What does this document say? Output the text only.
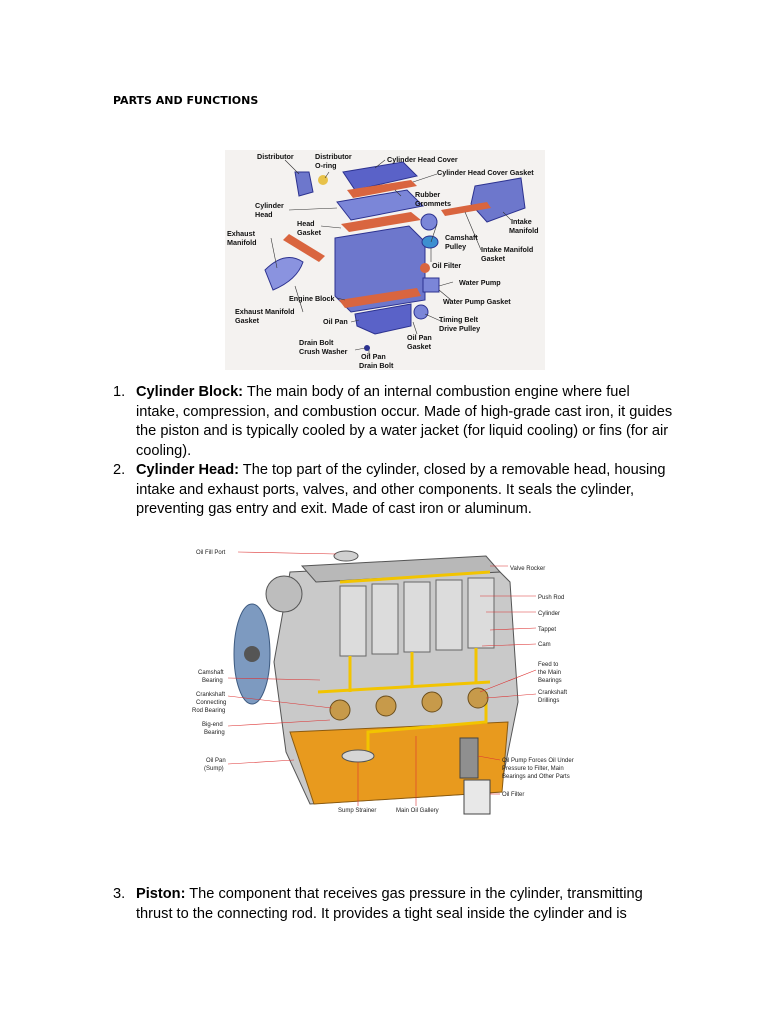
PARTS AND FUNCTIONS
Distributor	Distributor
O-ring
Cylinder Head Cover
Cylinder Head Cover Gasket
Rubber
Grommets
Cylinder
Head
Head
Gasket
Intake
Manifold
Exhaust
Manifold
Camshaft
Pulley Intake Manifold
Gasket
Oil Filter
Water Pump
Engine Block	Water Pump Gasket
Exhaust Manifold
Gasket	Oil Pan	Timing Belt
Drive Pulley
Oil Pan
Gasket
Drain Bolt
Crush Washer
Oil Pan
Drain Bolt
1. Cylinder Block: The main body of an internal combustion engine where fuel intake, compression, and combustion occur. Made of high-grade cast iron, it guides the piston and is typically cooled by a water jacket (for liquid cooling) or fins (for air cooling).
2. Cylinder Head: The top part of the cylinder, closed by a removable head, housing intake and exhaust ports, valves, and other components. It seals the cylinder, preventing gas entry and exit. Made of cast iron or aluminum.
Oil Fill Port
Valve Rocker
Push Rod
Cylinder
Tappet
Cam
Feed to
the Main
Bearings
Crankshaft
Drillings
Camshaft
Bearing
Crankshaft
Connecting
Rod Bearing
Big-end
Bearing
Oil Pan
(Sump)
Oil Pump Forces Oil Under
Pressure to Filter, Main
Bearings and Other Parts
Oil Filter
Sump Strainer	Main Oil Gallery
3. Piston: The component that receives gas pressure in the cylinder, transmitting thrust to the connecting rod. It provides a tight seal inside the cylinder and is
